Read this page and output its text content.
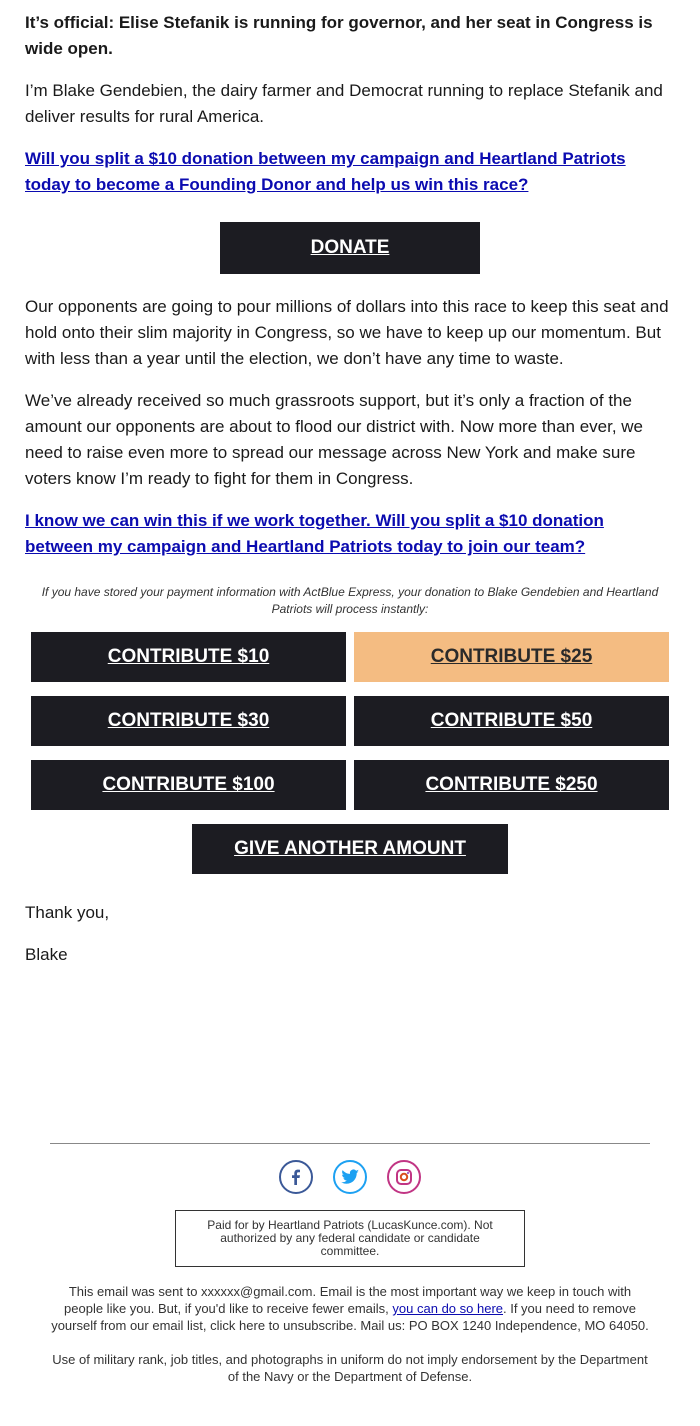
It’s official: Elise Stefanik is running for governor, and her seat in Congress is wide open.

I’m Blake Gendebien, the dairy farmer and Democrat running to replace Stefanik and deliver results for rural America.

Will you split a $10 donation between my campaign and Heartland Patriots today to become a Founding Donor and help us win this race?
DONATE

Our opponents are going to pour millions of dollars into this race to keep this seat and hold onto their slim majority in Congress, so we have to keep up our momentum. But with less than a year until the election, we don’t have any time to waste.

We’ve already received so much grassroots support, but it’s only a fraction of the amount our opponents are about to flood our district with. Now more than ever, we need to raise even more to spread our message across New York and make sure voters know I’m ready to fight for them in Congress.

I know we can win this if we work together. Will you split a $10 donation between my campaign and Heartland Patriots today to join our team?
If you have stored your payment information with ActBlue Express, your donation to Blake Gendebien and Heartland Patriots will process instantly:
CONTRIBUTE $10	CONTRIBUTE $25
CONTRIBUTE $30	CONTRIBUTE $50
CONTRIBUTE $100	CONTRIBUTE $250
GIVE ANOTHER AMOUNT

Thank you,

Blake

Paid for by Heartland Patriots (LucasKunce.com). Not authorized by any federal candidate or candidate committee.
This email was sent to xxxxxx@gmail.com. Email is the most important way we keep in touch with people like you. But, if you'd like to receive fewer emails, you can do so here. If you need to remove yourself from our email list, click here to unsubscribe. Mail us: PO BOX 1240 Independence, MO 64050.
Use of military rank, job titles, and photographs in uniform do not imply endorsement by the Department of the Navy or the Department of Defense.
